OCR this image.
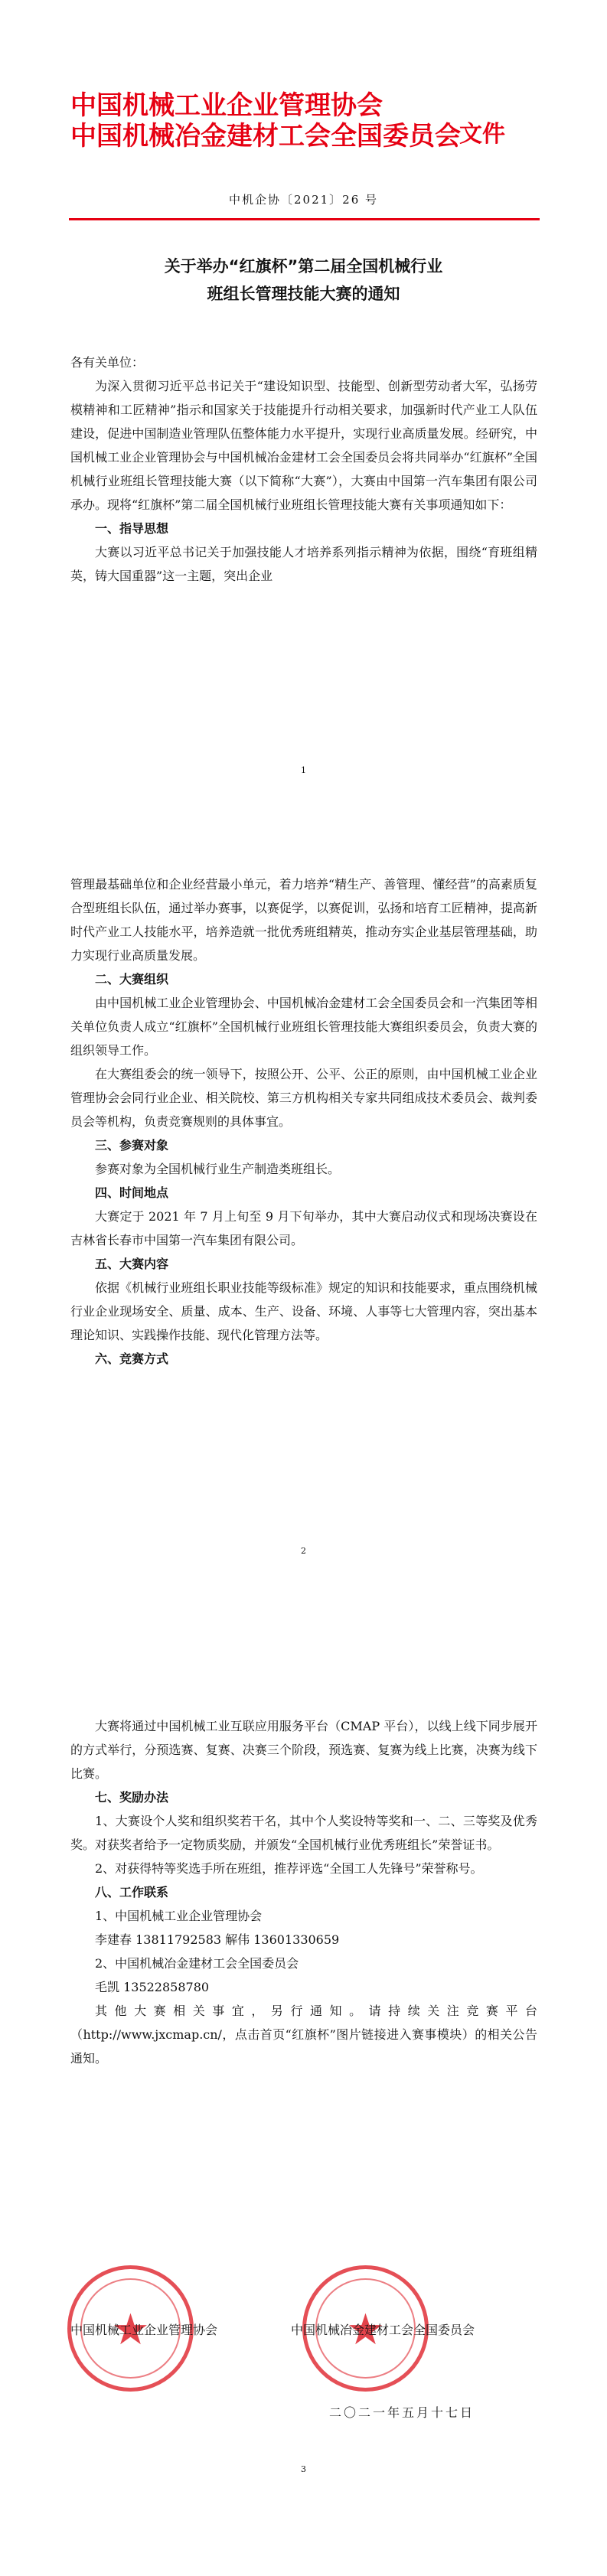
中国机械工业企业管理协会
中国机械冶金建材工会全国委员会
文件
中机企协〔2021〕26 号
关于举办“红旗杯”第二届全国机械行业
班组长管理技能大赛的通知

各有关单位：

为深入贯彻习近平总书记关于“建设知识型、技能型、创新型劳动者大军，弘扬劳模精神和工匠精神”指示和国家关于技能提升行动相关要求，加强新时代产业工人队伍建设，促进中国制造业管理队伍整体能力水平提升，实现行业高质量发展。经研究，中国机械工业企业管理协会与中国机械冶金建材工会全国委员会将共同举办“红旗杯”全国机械行业班组长管理技能大赛（以下简称“大赛”），大赛由中国第一汽车集团有限公司承办。现将“红旗杯”第二届全国机械行业班组长管理技能大赛有关事项通知如下：

一、指导思想

大赛以习近平总书记关于加强技能人才培养系列指示精神为依据，围绕“育班组精英，铸大国重器”这一主题，突出企业

1

管理最基础单位和企业经营最小单元，着力培养“精生产、善管理、懂经营”的高素质复合型班组长队伍，通过举办赛事，以赛促学，以赛促训，弘扬和培育工匠精神，提高新时代产业工人技能水平，培养造就一批优秀班组精英，推动夯实企业基层管理基础，助力实现行业高质量发展。

二、大赛组织

由中国机械工业企业管理协会、中国机械冶金建材工会全国委员会和一汽集团等相关单位负责人成立“红旗杯”全国机械行业班组长管理技能大赛组织委员会，负责大赛的组织领导工作。

在大赛组委会的统一领导下，按照公开、公平、公正的原则，由中国机械工业企业管理协会会同行业企业、相关院校、第三方机构相关专家共同组成技术委员会、裁判委员会等机构，负责竞赛规则的具体事宜。

三、参赛对象

参赛对象为全国机械行业生产制造类班组长。

四、时间地点

大赛定于 2021 年 7 月上旬至 9 月下旬举办，其中大赛启动仪式和现场决赛设在吉林省长春市中国第一汽车集团有限公司。

五、大赛内容

依据《机械行业班组长职业技能等级标准》规定的知识和技能要求，重点围绕机械行业企业现场安全、质量、成本、生产、设备、环境、人事等七大管理内容，突出基本理论知识、实践操作技能、现代化管理方法等。

六、竞赛方式

2

大赛将通过中国机械工业互联应用服务平台（CMAP 平台），以线上线下同步展开的方式举行，分预选赛、复赛、决赛三个阶段，预选赛、复赛为线上比赛，决赛为线下比赛。

七、奖励办法

1、大赛设个人奖和组织奖若干名，其中个人奖设特等奖和一、二、三等奖及优秀奖。对获奖者给予一定物质奖励，并颁发“全国机械行业优秀班组长”荣誉证书。

2、对获得特等奖选手所在班组，推荐评选“全国工人先锋号”荣誉称号。

八、工作联系

1、中国机械工业企业管理协会

李建春 13811792583 解伟 13601330659

2、中国机械冶金建材工会全国委员会

毛凯 13522858780

其他大赛相关事宜，另行通知。请持续关注竞赛平台（http://www.jxcmap.cn/，点击首页“红旗杯”图片链接进入赛事模块）的相关公告通知。

★	★
中国机械工业企业管理协会	中国机械冶金建材工会全国委员会
二〇二一年五月十七日
3
